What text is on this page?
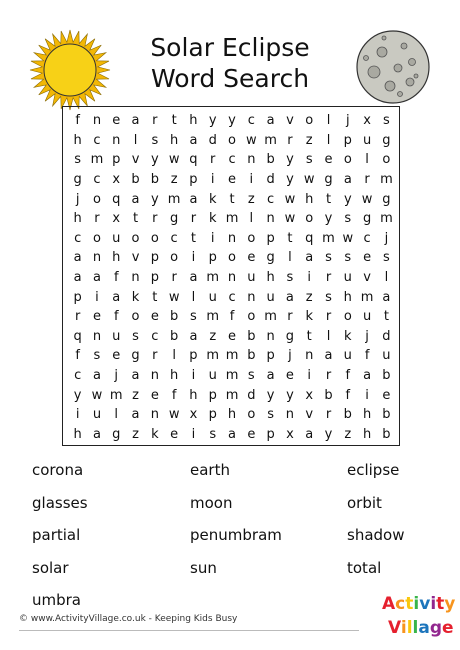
Solar Eclipse
Word Search
f n e a r	t h y y c a v o	l	j	x s
h c n	l	s h a d o w m r	z	l	p u g
s m p v y w q r	c n b y s e o	l	o
g c x b b z p	i	e	i	d y w g a r m
j	o q a y m a k t	z c w h t y w g
h r x t	r g r k m l	n w o y s g m
c o u o o c	t	i	n o p t q m w c	j
a n h v p o	i	p o e g	l	a s s e s
a a	f n p r a m n u h s	i	r u v	l
p	i	a k t w l	u c n u a z s h m a
r e	f	o e b s m f	o m r k r o u t
q n u s c b a z e b n g t	l	k	j	d
f	s e g r	l	p m m b p	j	n a u f u
c a	j	a n h	i	u m s a e	i	r	f	a b
y w m z e	f h p m d y y x b f	i	e
i	u	l	a n w x p h o s n v r b h b
h a g z k e	i	s a e p x a y z h b
corona	earth	eclipse
glasses	moon	orbit
partial	penumbram	shadow
solar	sun	total
umbra
© www.ActivityVillage.co.uk - Keeping Kids Busy
Activity
Village
